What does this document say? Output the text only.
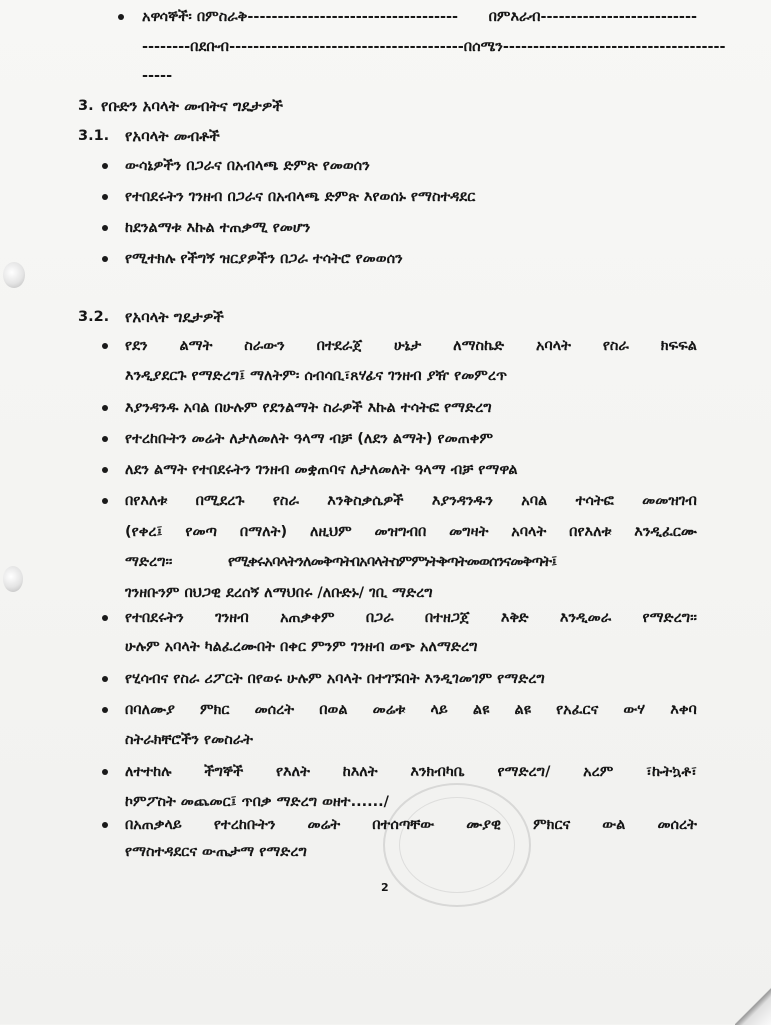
አዋሳኞች፡ በምስራቅ----------------------------------- በምእራብ--------------------------
-------- በደቡብ--------------------------------------- በሰሜን-------------------------------------
-----
3. የቡድን አባላት መብትና ግዴታዎች
3.1. የአባላት መብቶች
ውሳኔዎችን በጋራና በአብላጫ ድምጽ የመወሰን
የተበደሩትን ገንዘብ በጋራና በአብላጫ ድምጽ እየወሰኑ የማስተዳደር
ከደንልማቱ እኩል ተጠቃሚ የመሆን
የሚተክሉ የችግኝ ዝርያዎችን በጋራ ተሳትሮ የመወሰን
3.2. የአባላት ግዴታዎች
የደን ልማት ስራውን በተደራጀ ሁኔታ ለማስኬድ አባላት የስራ ክፍፍል
እንዲያደርጉ የማድረግ፤ ማለትም፡ ሰብሳቢ፣ጸሃፊና ገንዘብ ያዥ የመምረጥ
እያንዳንዱ አባል በሁሉም የደንልማት ስራዎች እኩል ተሳትፎ የማድረግ
የተረከቡትን መሬት ለታለመለት ዓላማ ብቻ (ለደን ልማት) የመጠቀም
ለደን ልማት የተበደሩትን ገንዘብ መቋጠባና ለታለመለት ዓላማ ብቻ የማዋል
በየእለቱ በሚደረጉ የስራ እንቅስቃሴዎች እያንዳንዱን አባል ተሳትፎ መመዝገብ
(የቀረ፤ የመጣ በማለት) ለዚህም መዝግብበ መግዛት አባላት በየእለቱ እንዲፈርሙ
ማድረግ፡፡	የሚቀሩአባላትንለመቅጣትበአባላትስምምነትቅጣትመወሰንናመቅጣት፤
ገንዘቡንም በህጋዊ ደረሰኝ ለማህበሩ /ለቡድኑ/ ገቢ ማድረግ
የተበደሩትን ገንዘብ አጠቃቀም በጋራ በተዘጋጀ እቅድ እንዲመራ የማድረግ፡፡
ሁሉም አባላት ካልፈረሙበት በቀር ምንም ገንዘብ ወጭ አለማድረግ
የሂሳብና የስራ ሪፖርት በየወሩ ሁሉም አባላት በተገኙበት እንዲገመገም የማድረግ
በባለሙያ ምክር መሰረት በወል መሬቱ ላይ ልዩ ልዩ የአፈርና ውሃ እቀባ
ስትራክቸሮችን የመስራት
ለተተከሉ ችግኞች የእለት ከእለት እንክብካቤ የማድረግ/ አረም ፣ኩትኳቶ፣
ኮምፖስት መጨመር፤ ጥበቃ ማድረግ ወዘተ....../
በአጠቃላይ የተረከቡትን መሬት በተሰጣቸው ሙያዊ ምክርና ውል መሰረት
የማስተዳደርና ውጤታማ የማድረግ
2
